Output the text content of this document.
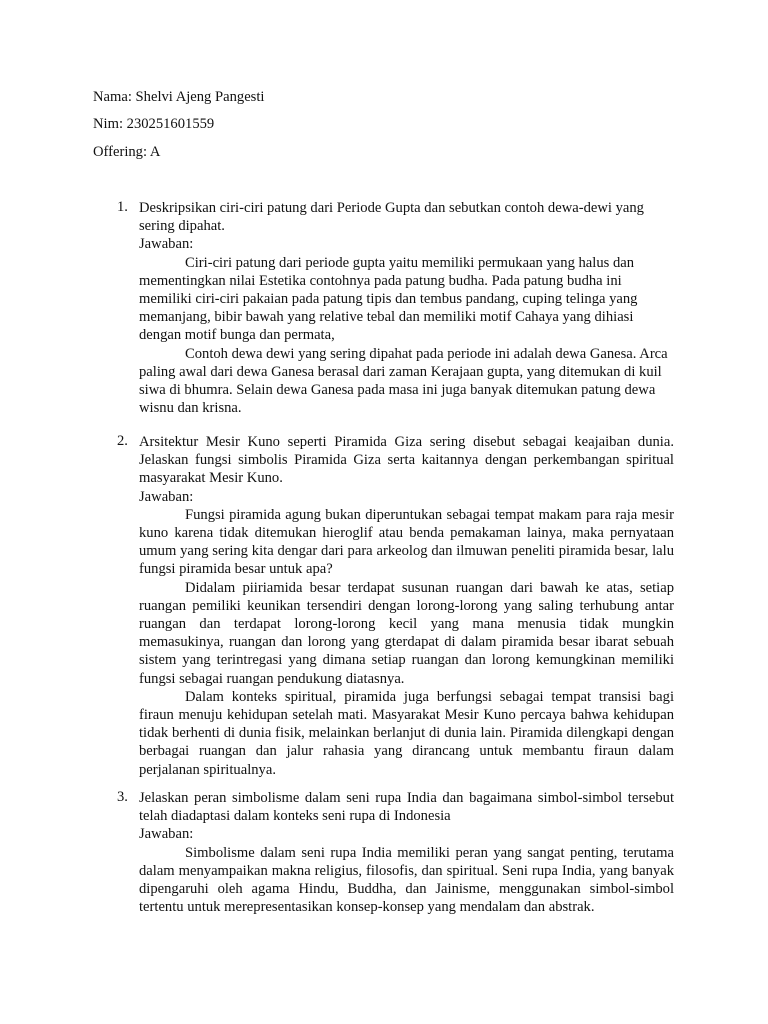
Nama: Shelvi Ajeng Pangesti

Nim: 230251601559

Offering: A

1. Deskripsikan ciri-ciri patung dari Periode Gupta dan sebutkan contoh dewa-dewi yang sering dipahat.

Jawaban:

Ciri-ciri patung dari periode gupta yaitu memiliki permukaan yang halus dan mementingkan nilai Estetika contohnya pada patung budha. Pada patung budha ini memiliki ciri-ciri pakaian pada patung tipis dan tembus pandang, cuping telinga yang memanjang, bibir bawah yang relative tebal dan memiliki motif Cahaya yang dihiasi dengan motif bunga dan permata,

Contoh dewa dewi yang sering dipahat pada periode ini adalah dewa Ganesa. Arca paling awal dari dewa Ganesa berasal dari zaman Kerajaan gupta, yang ditemukan di kuil siwa di bhumra. Selain dewa Ganesa pada masa ini juga banyak ditemukan patung dewa wisnu dan krisna.

2. Arsitektur Mesir Kuno seperti Piramida Giza sering disebut sebagai keajaiban dunia. Jelaskan fungsi simbolis Piramida Giza serta kaitannya dengan perkembangan spiritual masyarakat Mesir Kuno.

Jawaban:

Fungsi piramida agung bukan diperuntukan sebagai tempat makam para raja mesir kuno karena tidak ditemukan hieroglif atau benda pemakaman lainya, maka pernyataan umum yang sering kita dengar dari para arkeolog dan ilmuwan peneliti piramida besar, lalu fungsi piramida besar untuk apa?

Didalam piiriamida besar terdapat susunan ruangan dari bawah ke atas, setiap ruangan pemiliki keunikan tersendiri dengan lorong-lorong yang saling terhubung antar ruangan dan terdapat lorong-lorong kecil yang mana menusia tidak mungkin memasukinya, ruangan dan lorong yang gterdapat di dalam piramida besar ibarat sebuah sistem yang terintregasi yang dimana setiap ruangan dan lorong kemungkinan memiliki fungsi sebagai ruangan pendukung diatasnya.

Dalam konteks spiritual, piramida juga berfungsi sebagai tempat transisi bagi firaun menuju kehidupan setelah mati. Masyarakat Mesir Kuno percaya bahwa kehidupan tidak berhenti di dunia fisik, melainkan berlanjut di dunia lain. Piramida dilengkapi dengan berbagai ruangan dan jalur rahasia yang dirancang untuk membantu firaun dalam perjalanan spiritualnya.

3. Jelaskan peran simbolisme dalam seni rupa India dan bagaimana simbol-simbol tersebut telah diadaptasi dalam konteks seni rupa di Indonesia

Jawaban:

Simbolisme dalam seni rupa India memiliki peran yang sangat penting, terutama dalam menyampaikan makna religius, filosofis, dan spiritual. Seni rupa India, yang banyak dipengaruhi oleh agama Hindu, Buddha, dan Jainisme, menggunakan simbol-simbol tertentu untuk merepresentasikan konsep-konsep yang mendalam dan abstrak.
